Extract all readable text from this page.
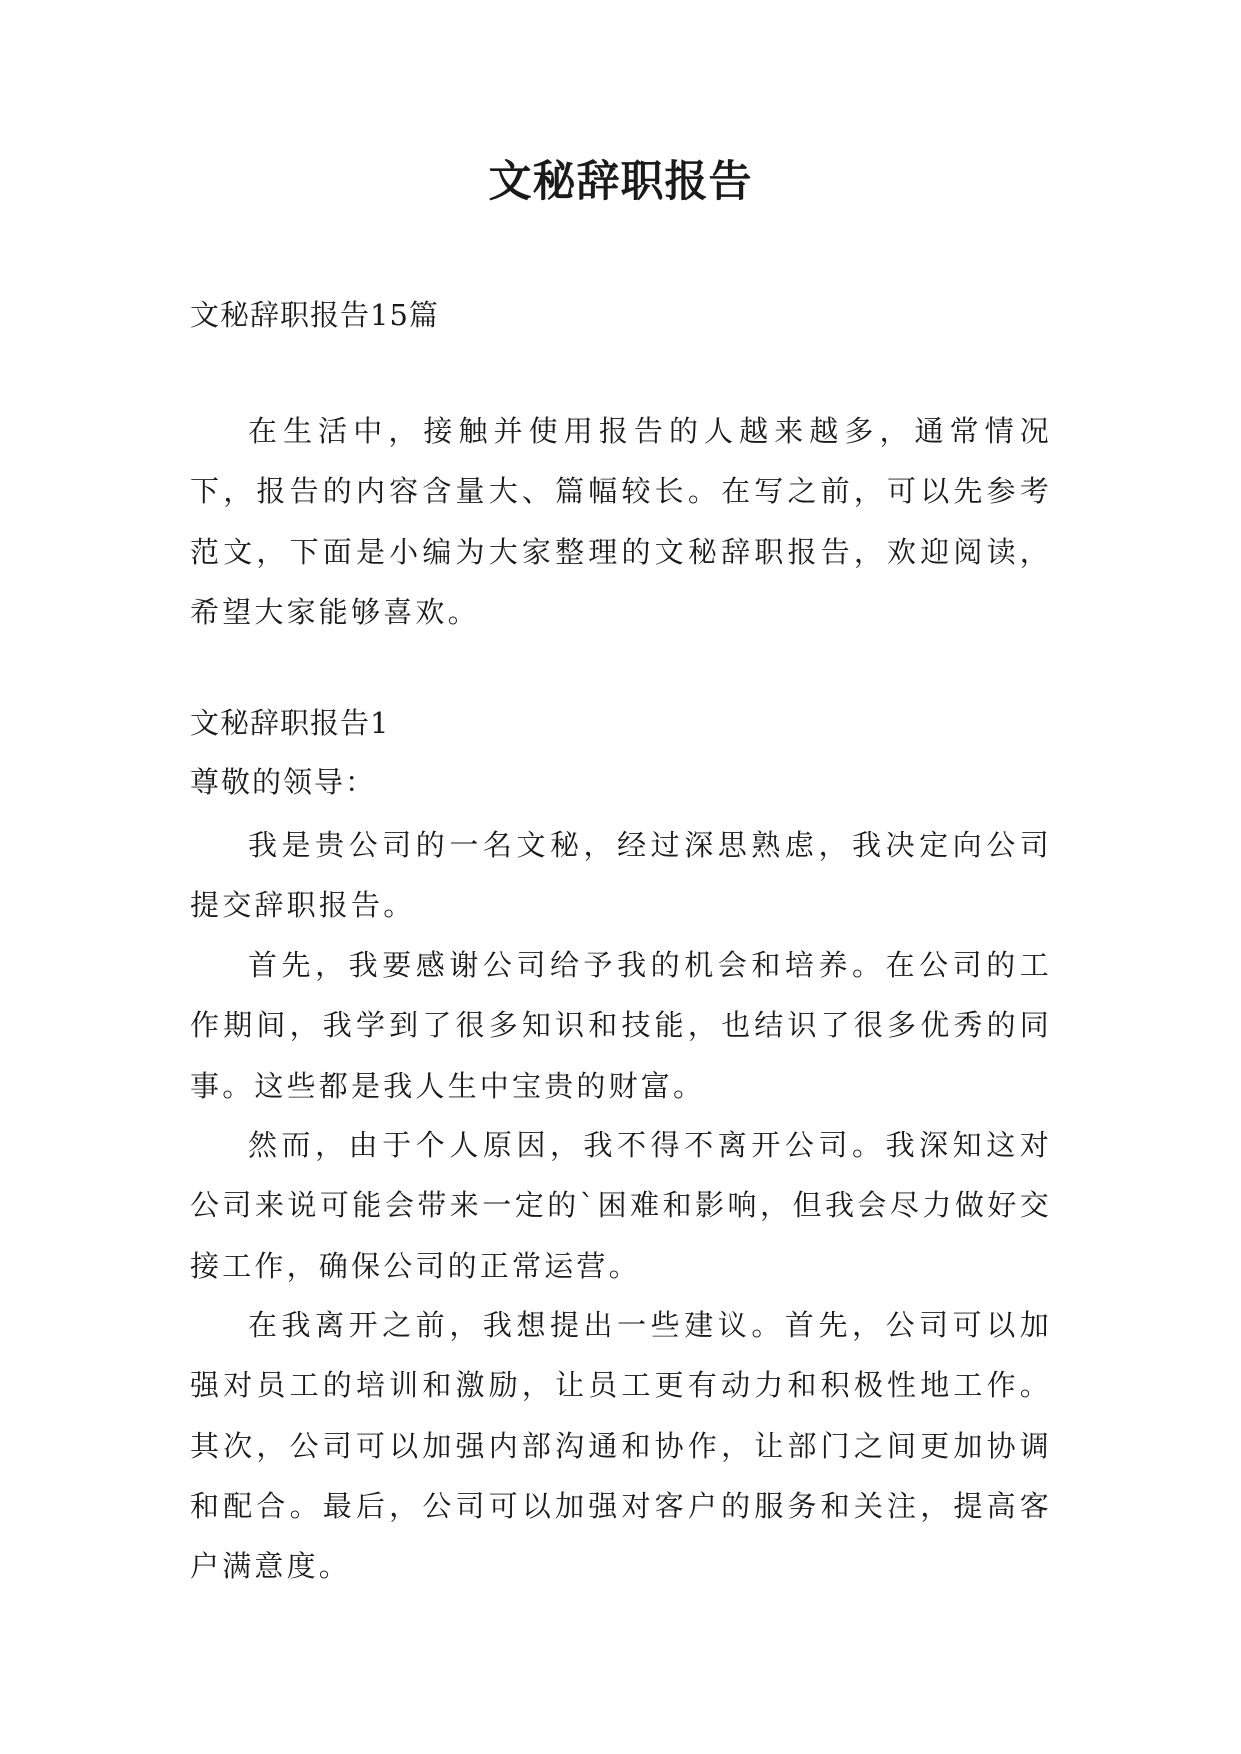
文秘辞职报告
文秘辞职报告15篇

在生活中，接触并使用报告的人越来越多，通常情况下，报告的内容含量大、篇幅较长。在写之前，可以先参考范文，下面是小编为大家整理的文秘辞职报告，欢迎阅读，希望大家能够喜欢。

文秘辞职报告1
尊敬的领导：

我是贵公司的一名文秘，经过深思熟虑，我决定向公司提交辞职报告。

首先，我要感谢公司给予我的机会和培养。在公司的工作期间，我学到了很多知识和技能，也结识了很多优秀的同事。这些都是我人生中宝贵的财富。

然而，由于个人原因，我不得不离开公司。我深知这对公司来说可能会带来一定的`困难和影响，但我会尽力做好交接工作，确保公司的正常运营。

在我离开之前，我想提出一些建议。首先，公司可以加强对员工的培训和激励，让员工更有动力和积极性地工作。其次，公司可以加强内部沟通和协作，让部门之间更加协调和配合。最后，公司可以加强对客户的服务和关注，提高客户满意度。
